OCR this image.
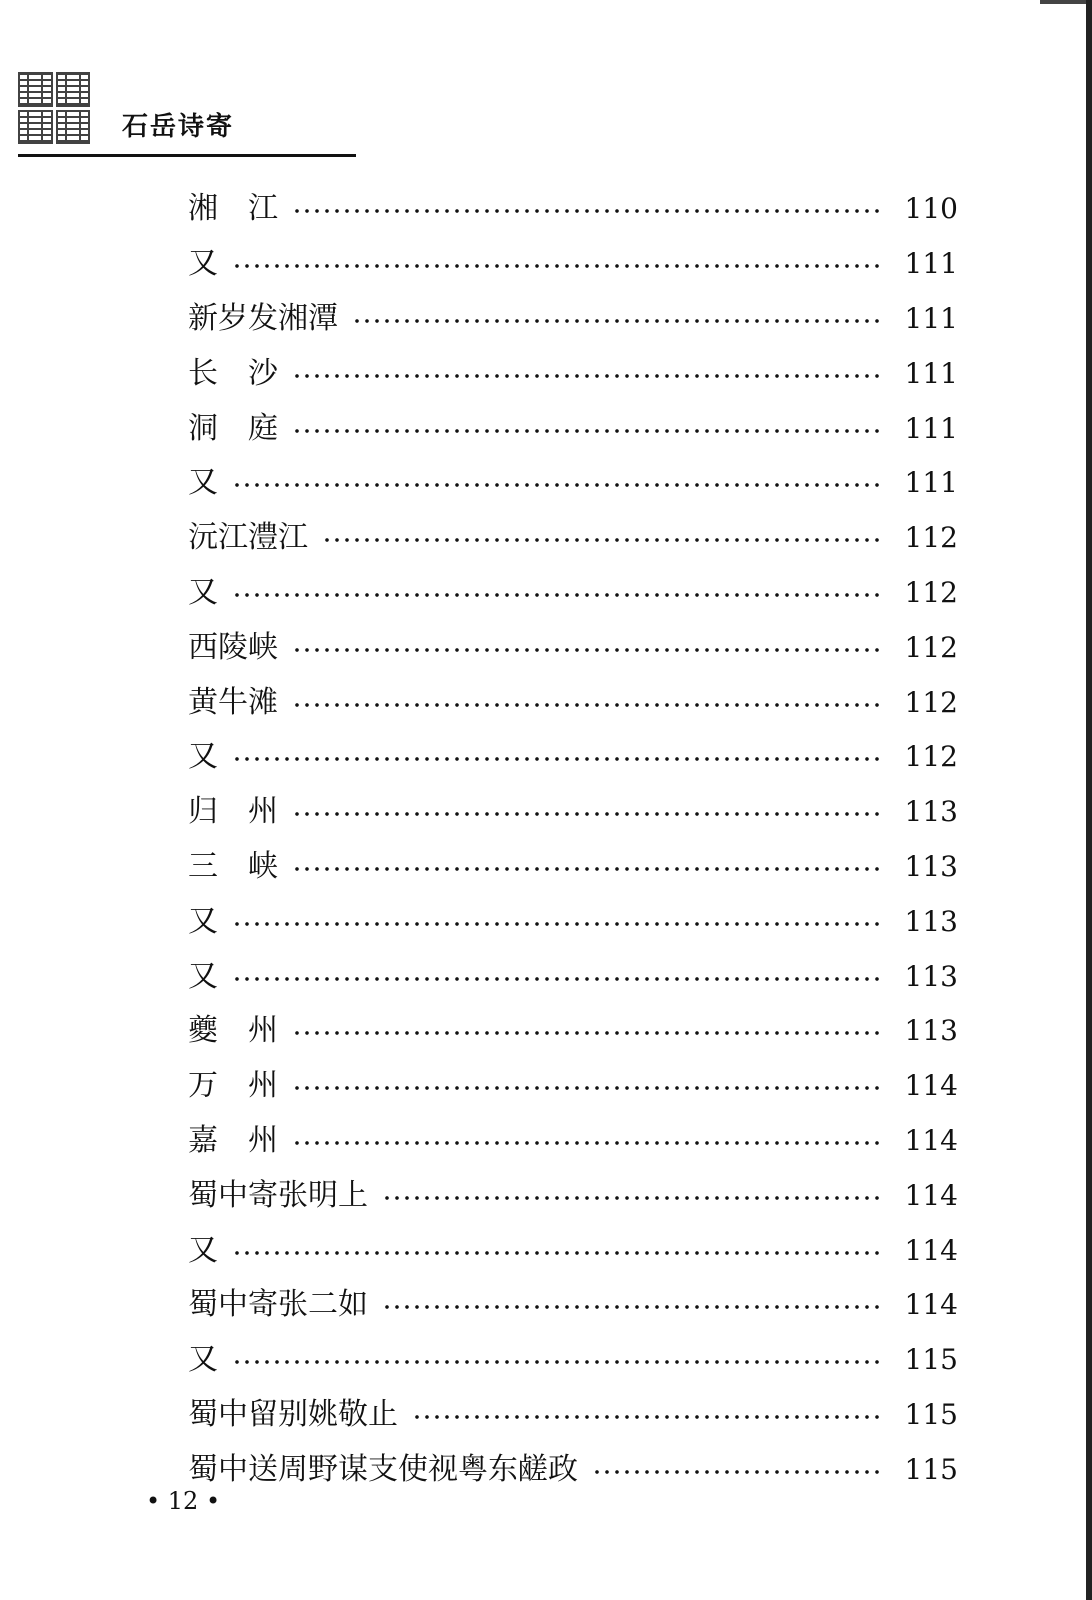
石岳诗寄
湘　江	110
又	111
新岁发湘潭	111
长　沙	111
洞　庭	111
又	111
沅江澧江	112
又	112
西陵峡	112
黄牛滩	112
又	112
归　州	113
三　峡	113
又	113
又	113
夔　州	113
万　州	114
嘉　州	114
蜀中寄张明上	114
又	114
蜀中寄张二如	114
又	115
蜀中留别姚敬止	115
蜀中送周野谋支使视粤东鹾政	115
• 12 •
